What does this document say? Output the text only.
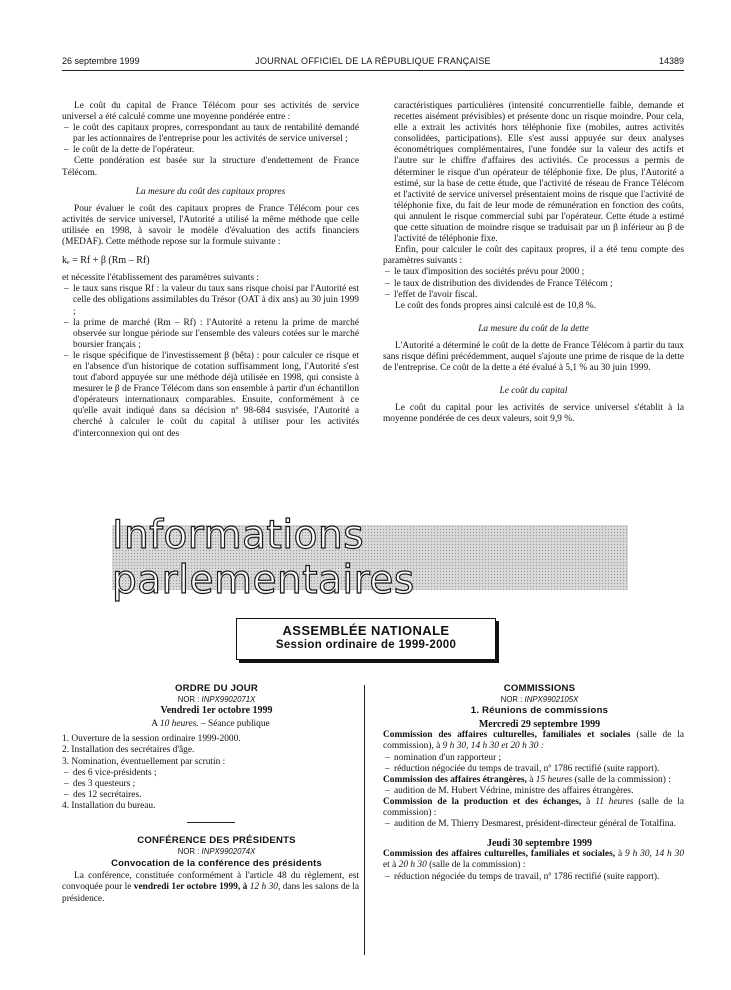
26 septembre 1999	JOURNAL OFFICIEL DE LA RÉPUBLIQUE FRANÇAISE	14389

Le coût du capital de France Télécom pour ses activités de service universel a été calculé comme une moyenne pondérée entre :

– le coût des capitaux propres, correspondant au taux de rentabilité demandé par les actionnaires de l'entreprise pour les activités de service universel ;
– le coût de la dette de l'opérateur.

Cette pondération est basée sur la structure d'endettement de France Télécom.

La mesure du coût des capitaux propres

Pour évaluer le coût des capitaux propres de France Télécom pour ces activités de service universel, l'Autorité a utilisé la même méthode que celle utilisée en 1998, à savoir le modèle d'évaluation des actifs financiers (MEDAF). Cette méthode repose sur la formule suivante :

kₑ = Rf + β (Rm – Rf)

et nécessite l'établissement des paramètres suivants :

– le taux sans risque Rf : la valeur du taux sans risque choisi par l'Autorité est celle des obligations assimilables du Trésor (OAT à dix ans) au 30 juin 1999 ;
– la prime de marché (Rm – Rf) : l'Autorité a retenu la prime de marché observée sur longue période sur l'ensemble des valeurs cotées sur le marché boursier français ;
– le risque spécifique de l'investissement β (bêta) : pour calculer ce risque et en l'absence d'un historique de cotation suffisamment long, l'Autorité s'est tout d'abord appuyée sur une méthode déjà utilisée en 1998, qui consiste à mesurer le β de France Télécom dans son ensemble à partir d'un échantillon d'opérateurs internationaux comparables. Ensuite, conformément à ce qu'elle avait indiqué dans sa décision nº 98-684 susvisée, l'Autorité a cherché à calculer le coût du capital à utiliser pour les activités d'interconnexion qui ont des

caractéristiques particulières (intensité concurrentielle faible, demande et recettes aisément prévisibles) et présente donc un risque moindre. Pour cela, elle a extrait les activités hors téléphonie fixe (mobiles, autres activités consolidées, participations). Elle s'est aussi appuyée sur deux analyses économétriques complémentaires, l'une fondée sur la valeur des actifs et l'autre sur le chiffre d'affaires des activités. Ce processus a permis de déterminer le risque d'un opérateur de téléphonie fixe. De plus, l'Autorité a estimé, sur la base de cette étude, que l'activité de réseau de France Télécom et l'activité de service universel présentaient moins de risque que l'activité de téléphonie fixe, du fait de leur mode de rémunération en fonction des coûts, qui annulent le risque commercial subi par l'opérateur. Cette étude a estimé que cette situation de moindre risque se traduisait par un β inférieur au β de l'activité de téléphonie fixe.

Enfin, pour calculer le coût des capitaux propres, il a été tenu compte des paramètres suivants :

– le taux d'imposition des sociétés prévu pour 2000 ;
– le taux de distribution des dividendes de France Télécom ;
– l'effet de l'avoir fiscal.

Le coût des fonds propres ainsi calculé est de 10,8 %.

La mesure du coût de la dette

L'Autorité a déterminé le coût de la dette de France Télécom à partir du taux sans risque défini précédemment, auquel s'ajoute une prime de risque de la dette de l'entreprise. Ce coût de la dette a été évalué à 5,1 % au 30 juin 1999.

Le coût du capital

Le coût du capital pour les activités de service universel s'établit à la moyenne pondérée de ces deux valeurs, soit 9,9 %.

Informations parlementaires
ASSEMBLÉE NATIONALE
Session ordinaire de 1999-2000

ORDRE DU JOUR

NOR : INPX9902071X

Vendredi 1er octobre 1999

A 10 heures. – Séance publique

1. Ouverture de la session ordinaire 1999-2000.
2. Installation des secrétaires d'âge.
3. Nomination, éventuellement par scrutin :
– des 6 vice-présidents ;
– des 3 questeurs ;
– des 12 secrétaires.
4. Installation du bureau.

CONFÉRENCE DES PRÉSIDENTS

NOR : INPX9902074X

Convocation de la conférence des présidents

La conférence, constituée conformément à l'article 48 du règlement, est convoquée pour le vendredi 1er octobre 1999, à 12 h 30, dans les salons de la présidence.

COMMISSIONS

NOR : INPX9902105X

1. Réunions de commissions

Mercredi 29 septembre 1999

Commission des affaires culturelles, familiales et sociales (salle de la commission), à 9 h 30, 14 h 30 et 20 h 30 :

– nomination d'un rapporteur ;
– réduction négociée du temps de travail, nº 1786 rectifié (suite rapport).

Commission des affaires étrangères, à 15 heures (salle de la commission) :

– audition de M. Hubert Védrine, ministre des affaires étrangères.

Commission de la production et des échanges, à 11 heures (salle de la commission) :

– audition de M. Thierry Desmarest, président-directeur général de Totalfina.

Jeudi 30 septembre 1999

Commission des affaires culturelles, familiales et sociales, à 9 h 30, 14 h 30 et à 20 h 30 (salle de la commission) :

– réduction négociée du temps de travail, nº 1786 rectifié (suite rapport).
